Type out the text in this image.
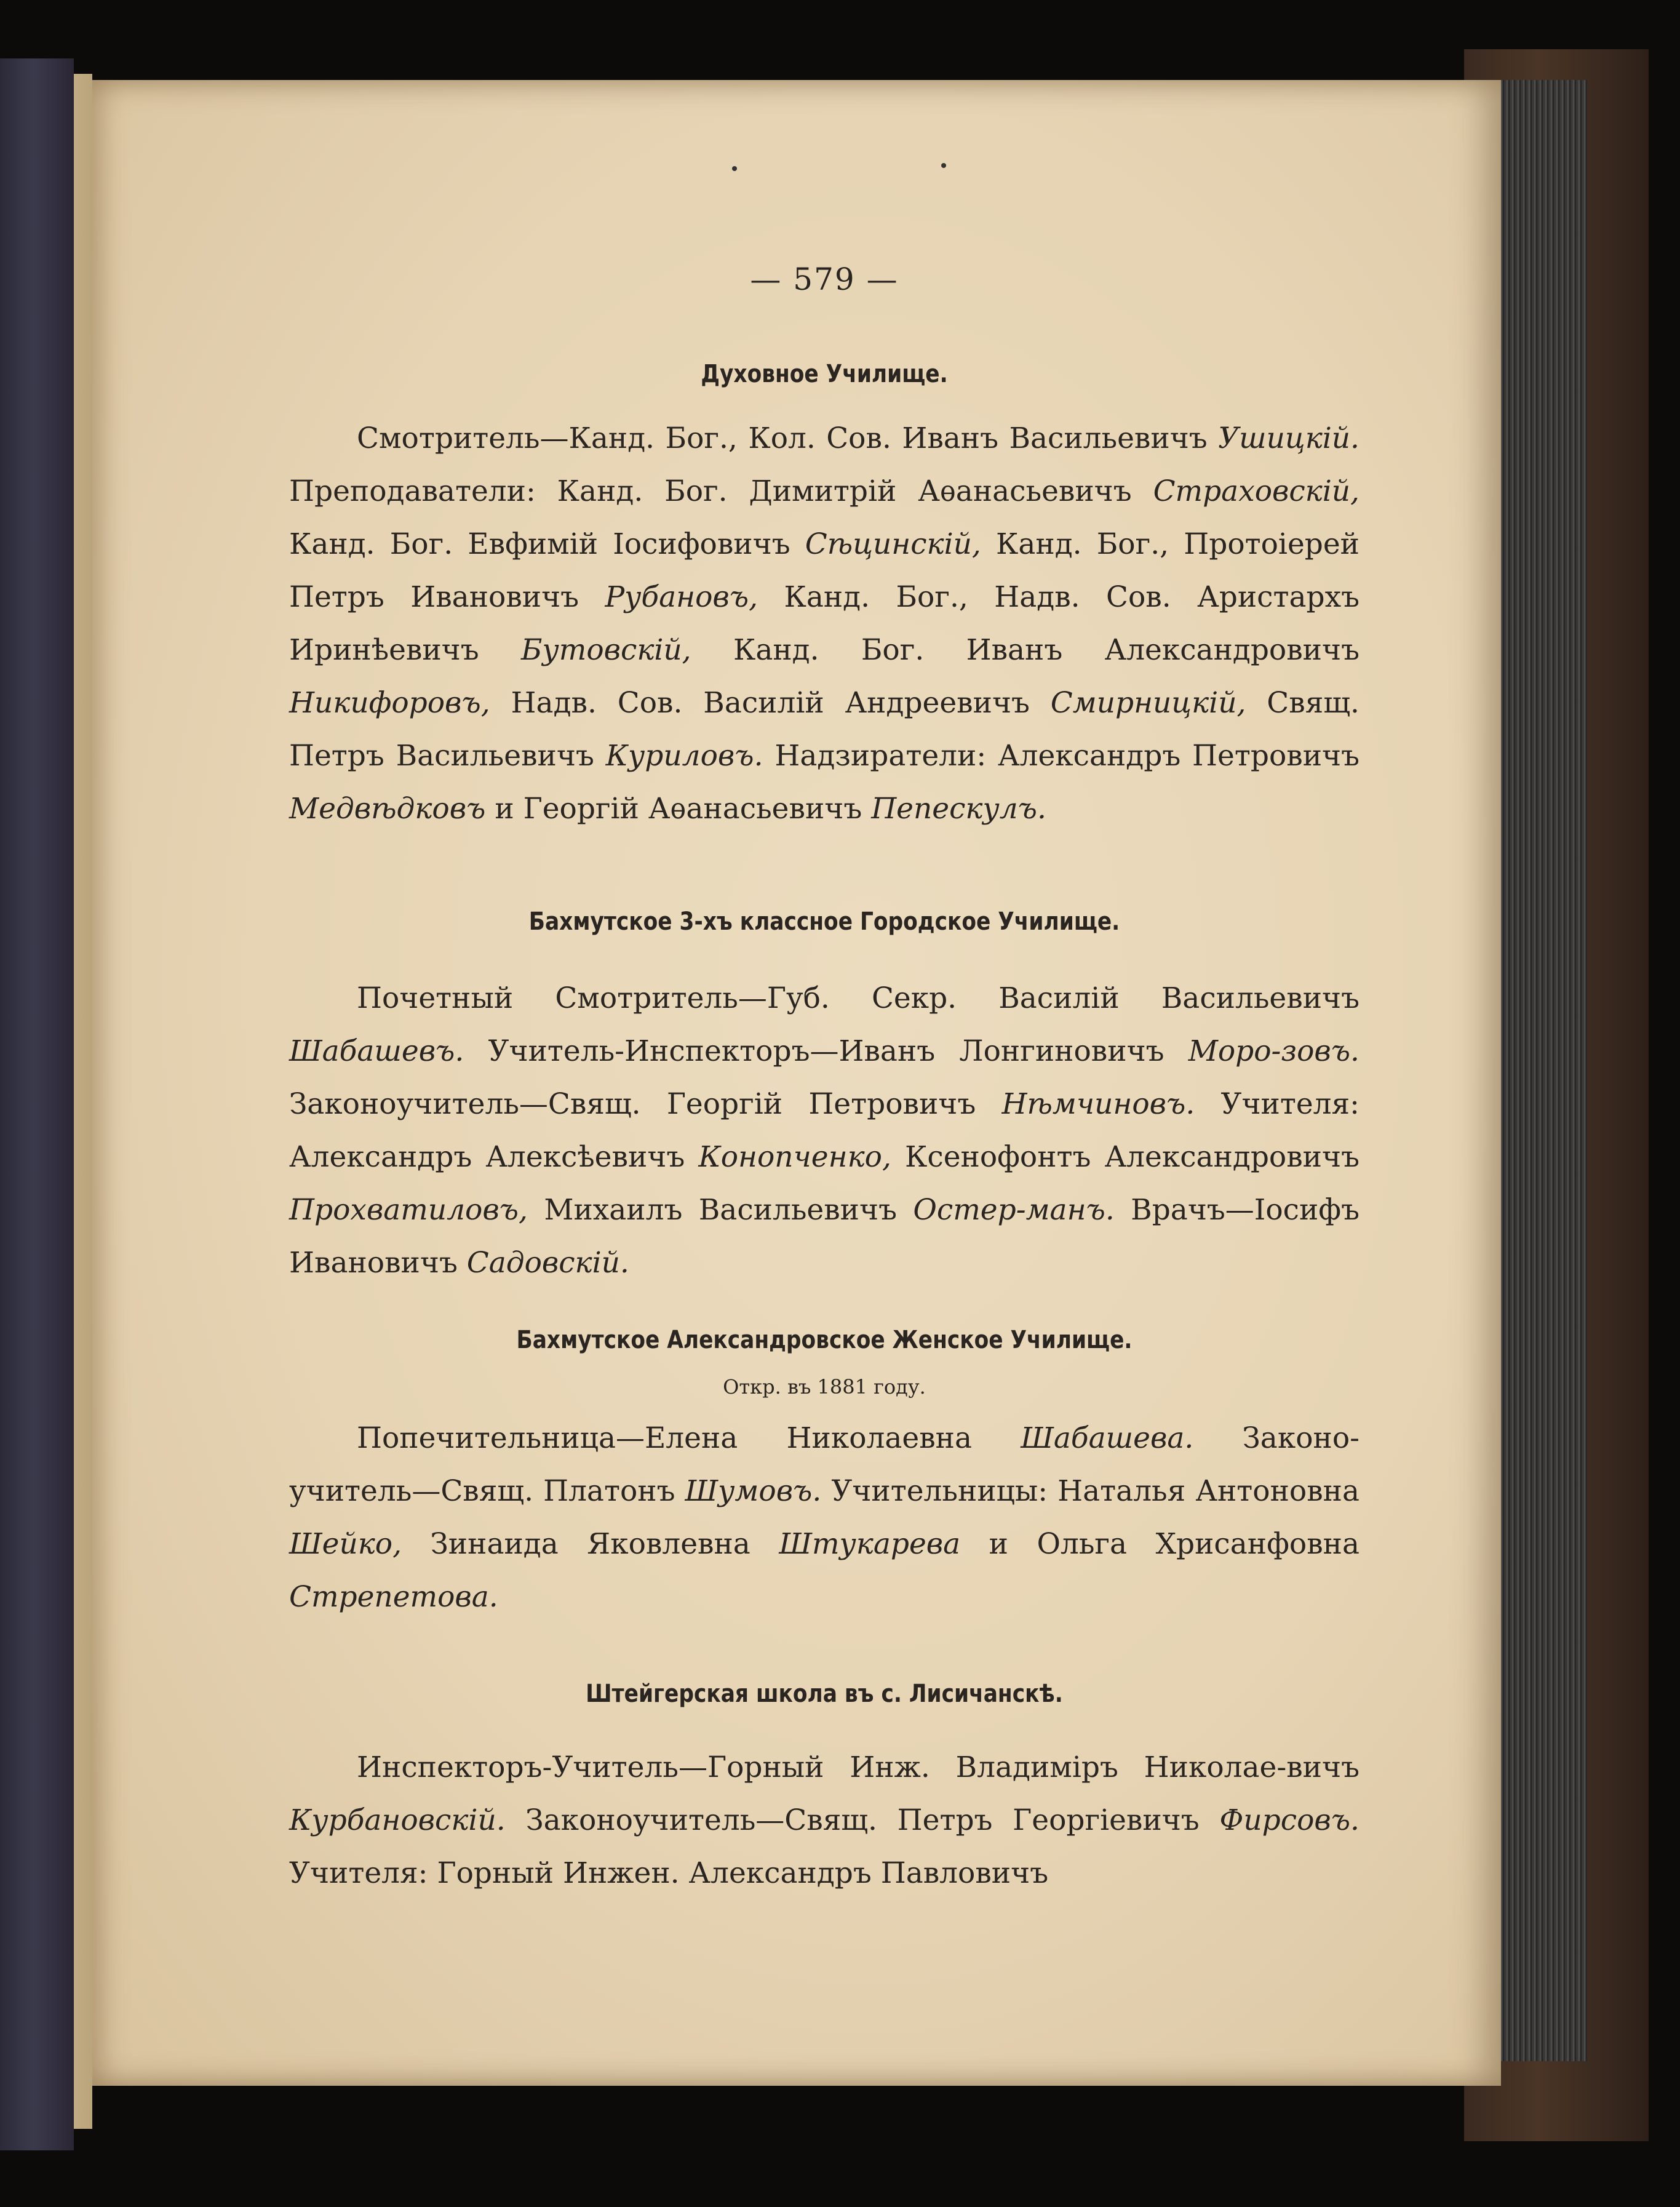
— 579 —
Духовное Училище.
Смотритель—Канд. Бог., Кол. Сов. Иванъ Васильевичъ Ушицкій. Преподаватели: Канд. Бог. Димитрій Аѳанасьевичъ Страховскій, Канд. Бог. Евфимій Іосифовичъ Сѣцинскій, Канд. Бог., Протоіерей Петръ Ивановичъ Рубановъ, Канд. Бог., Надв. Сов. Аристархъ Иринѣевичъ Бутовскій, Канд. Бог. Иванъ Александровичъ Никифоровъ, Надв. Сов. Василій Андреевичъ Смирницкій, Свящ. Петръ Васильевичъ Куриловъ. Надзиратели: Александръ Петровичъ Медвѣдковъ и Георгій Аѳанасьевичъ Пепескулъ.
Бахмутское 3-хъ классное Городское Училище.
Почетный Смотритель—Губ. Секр. Василій Васильевичъ Шабашевъ. Учитель-Инспекторъ—Иванъ Лонгиновичъ Моро-зовъ. Законоучитель—Свящ. Георгій Петровичъ Нѣмчиновъ. Учителя: Александръ Алексѣевичъ Конопченко, Ксенофонтъ Александровичъ Прохватиловъ, Михаилъ Васильевичъ Остер-манъ. Врачъ—Іосифъ Ивановичъ Садовскій.
Бахмутское Александровское Женское Училище.
Откр. въ 1881 году.
Попечительница—Елена Николаевна Шабашева. Законо-учитель—Свящ. Платонъ Шумовъ. Учительницы: Наталья Антоновна Шейко, Зинаида Яковлевна Штукарева и Ольга Хрисанфовна Стрепетова.
Штейгерская школа въ с. Лисичанскѣ.
Инспекторъ-Учитель—Горный Инж. Владиміръ Николае-вичъ Курбановскій. Законоучитель—Свящ. Петръ Георгіевичъ Фирсовъ. Учителя: Горный Инжен. Александръ Павловичъ
